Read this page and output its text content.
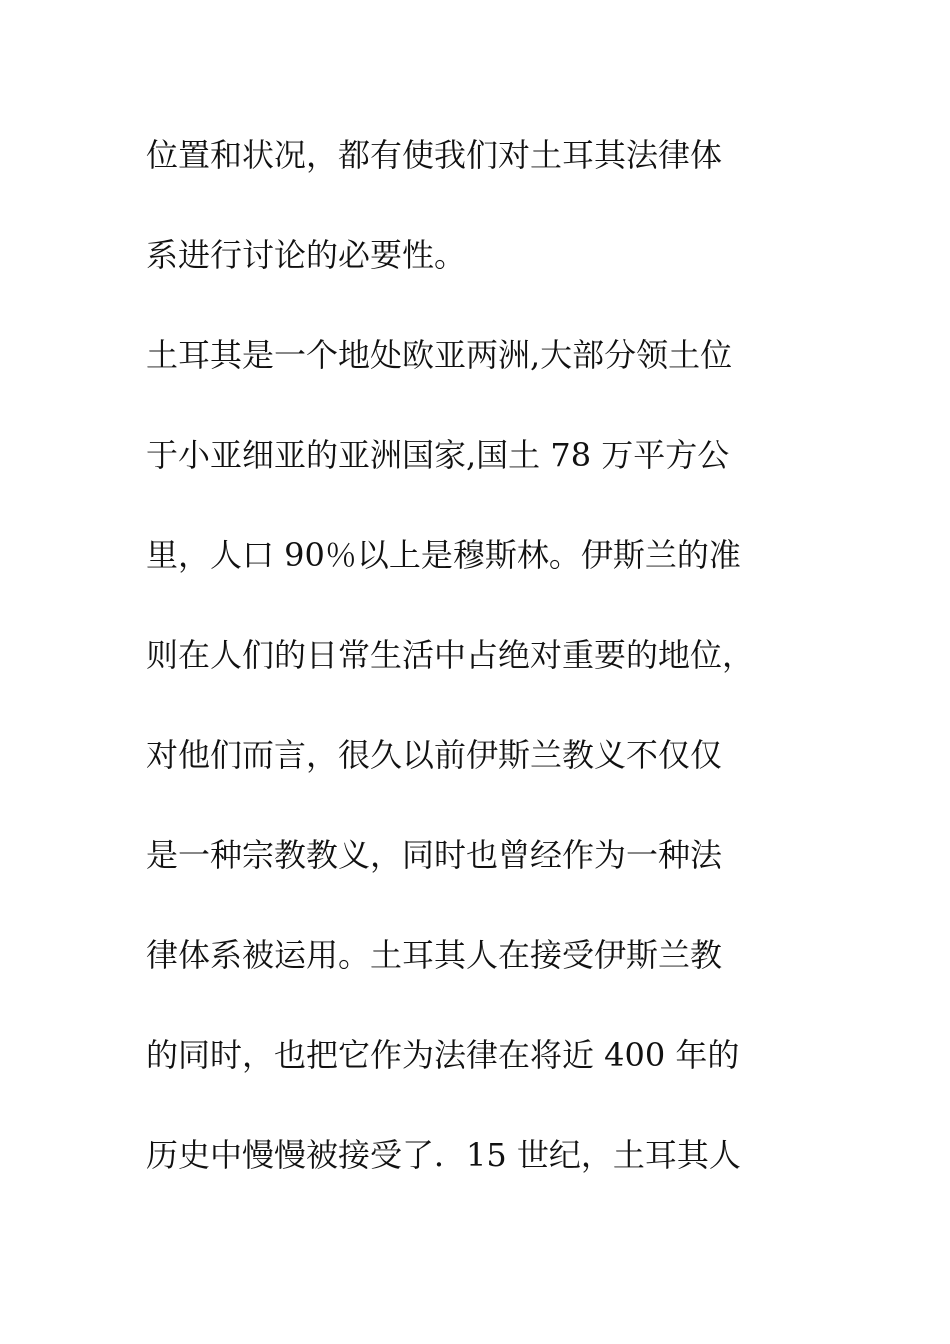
位置和状况，都有使我们对土耳其法律体
系进行讨论的必要性。
土耳其是一个地处欧亚两洲,大部分领土位
于小亚细亚的亚洲国家,国土 78 万平方公
里，人口 90％以上是穆斯林。伊斯兰的准
则在人们的日常生活中占绝对重要的地位，
对他们而言，很久以前伊斯兰教义不仅仅
是一种宗教教义，同时也曾经作为一种法
律体系被运用。土耳其人在接受伊斯兰教
的同时，也把它作为法律在将近 400 年的
历史中慢慢被接受了．15 世纪，土耳其人
